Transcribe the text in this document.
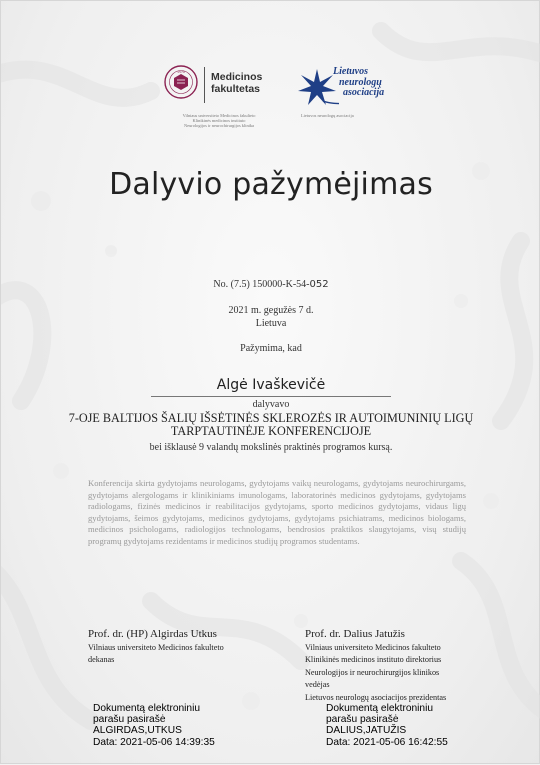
1579 Medicinos
fakultetas
Vilniaus universiteto Medicinos fakulteto
Klinikinės medicinos instituto
Neurologijos ir neurochirurgijos klinika
Lietuvos
neurologų
asociacija
Lietuvos neurologų asociacija
Dalyvio pažymėjimas
No. (7.5) 150000-K-54-052
2021 m. gegužės 7 d.
Lietuva
Pažymima, kad
Algė Ivaškevičė
dalyvavo
7-OJE BALTIJOS ŠALIŲ IŠSĖTINĖS SKLEROZĖS IR AUTOIMUNINIŲ LIGŲ
TARPTAUTINĖJE KONFERENCIJOJE
bei išklausė 9 valandų mokslinės praktinės programos kursą.
Konferencija skirta gydytojams neurologams, gydytojams vaikų neurologams, gydytojams neurochirurgams, gydytojams alergologams ir klinikiniams imunologams, laboratorinės medicinos gydytojams, gydytojams radiologams, fizinės medicinos ir reabilitacijos gydytojams, sporto medicinos gydytojams, vidaus ligų gydytojams, šeimos gydytojams, medicinos gydytojams, gydytojams psichiatrams, medicinos biologams, medicinos psichologams, radiologijos technologams, bendrosios praktikos slaugytojams, visų studijų programų gydytojams rezidentams ir medicinos studijų programos studentams.
Prof. dr. (HP) Algirdas Utkus
Vilniaus universiteto Medicinos fakulteto
dekanas
Prof. dr. Dalius Jatužis
Vilniaus universiteto Medicinos fakulteto
Klinikinės medicinos instituto direktorius
Neurologijos ir neurochirurgijos klinikos
vedėjas
Lietuvos neurologų asociacijos prezidentas
Dokumentą elektroniniu
parašu pasirašė
ALGIRDAS,UTKUS
Data: 2021-05-06 14:39:35
Dokumentą elektroniniu
parašu pasirašė
DALIUS,JATUŽIS
Data: 2021-05-06 16:42:55
